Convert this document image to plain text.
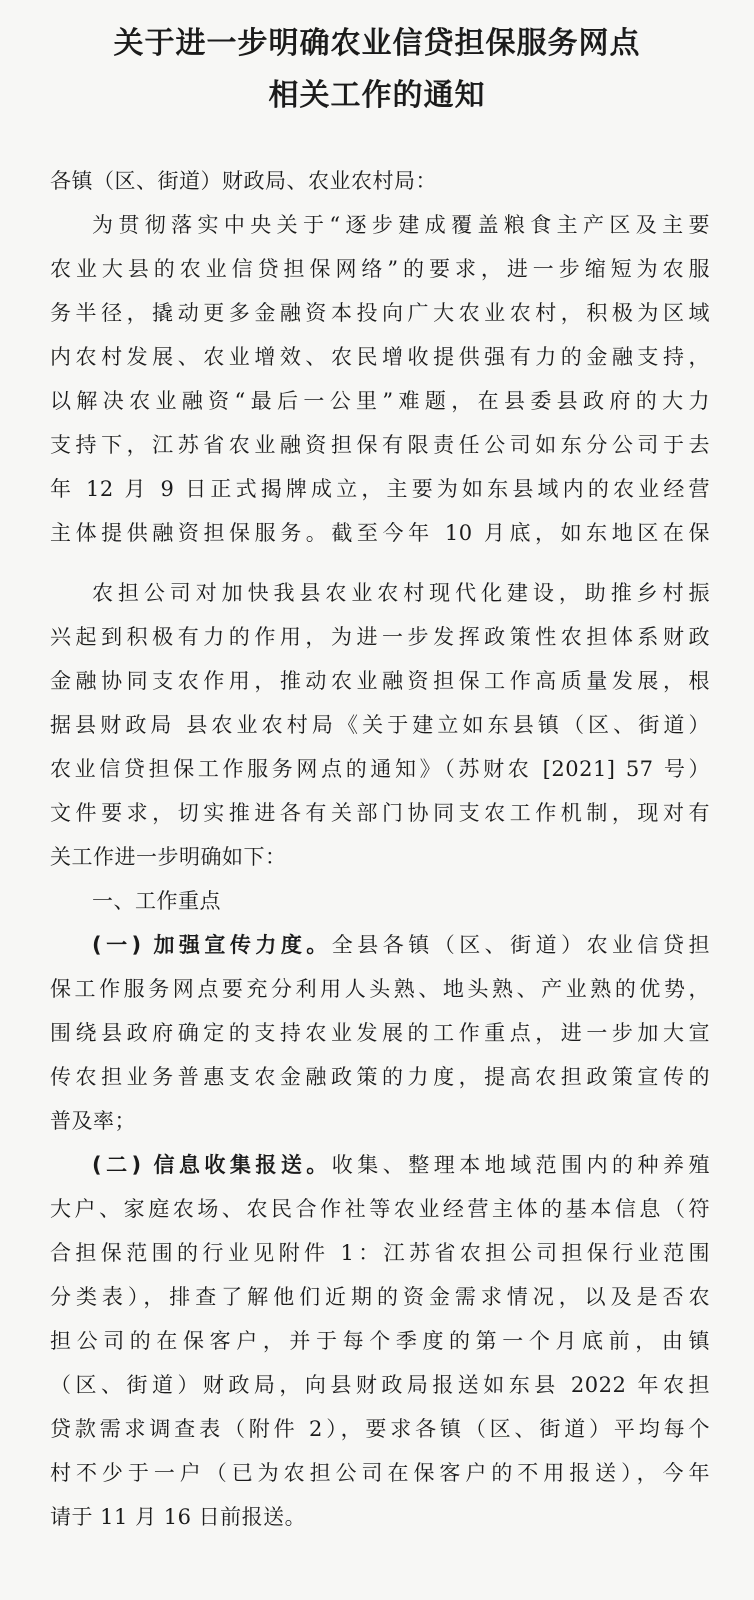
关于进一步明确农业信贷担保服务网点
相关工作的通知
各镇（区、街道）财政局、农业农村局：
为贯彻落实中央关于“逐步建成覆盖粮食主产区及主要
农业大县的农业信贷担保网络”的要求，进一步缩短为农服
务半径，撬动更多金融资本投向广大农业农村，积极为区域
内农村发展、农业增效、农民增收提供强有力的金融支持，
以解决农业融资“最后一公里”难题，在县委县政府的大力
支持下，江苏省农业融资担保有限责任公司如东分公司于去
年 12 月 9 日正式揭牌成立，主要为如东县域内的农业经营
主体提供融资担保服务。截至今年 10 月底，如东地区在保
农担公司对加快我县农业农村现代化建设，助推乡村振
兴起到积极有力的作用，为进一步发挥政策性农担体系财政
金融协同支农作用，推动农业融资担保工作高质量发展，根
据县财政局 县农业农村局《关于建立如东县镇（区、街道）
农业信贷担保工作服务网点的通知》（苏财农 [2021] 57 号）
文件要求，切实推进各有关部门协同支农工作机制，现对有
关工作进一步明确如下：
一、工作重点
(一) 加强宣传力度。全县各镇（区、街道）农业信贷担
保工作服务网点要充分利用人头熟、地头熟、产业熟的优势，
围绕县政府确定的支持农业发展的工作重点，进一步加大宣
传农担业务普惠支农金融政策的力度，提高农担政策宣传的
普及率；
(二) 信息收集报送。收集、整理本地域范围内的种养殖
大户、家庭农场、农民合作社等农业经营主体的基本信息（符
合担保范围的行业见附件 1：江苏省农担公司担保行业范围
分类表），排查了解他们近期的资金需求情况，以及是否农
担公司的在保客户，并于每个季度的第一个月底前，由镇
（区、街道）财政局，向县财政局报送如东县 2022 年农担
贷款需求调查表（附件 2），要求各镇（区、街道）平均每个
村不少于一户（已为农担公司在保客户的不用报送），今年
请于 11 月 16 日前报送。
